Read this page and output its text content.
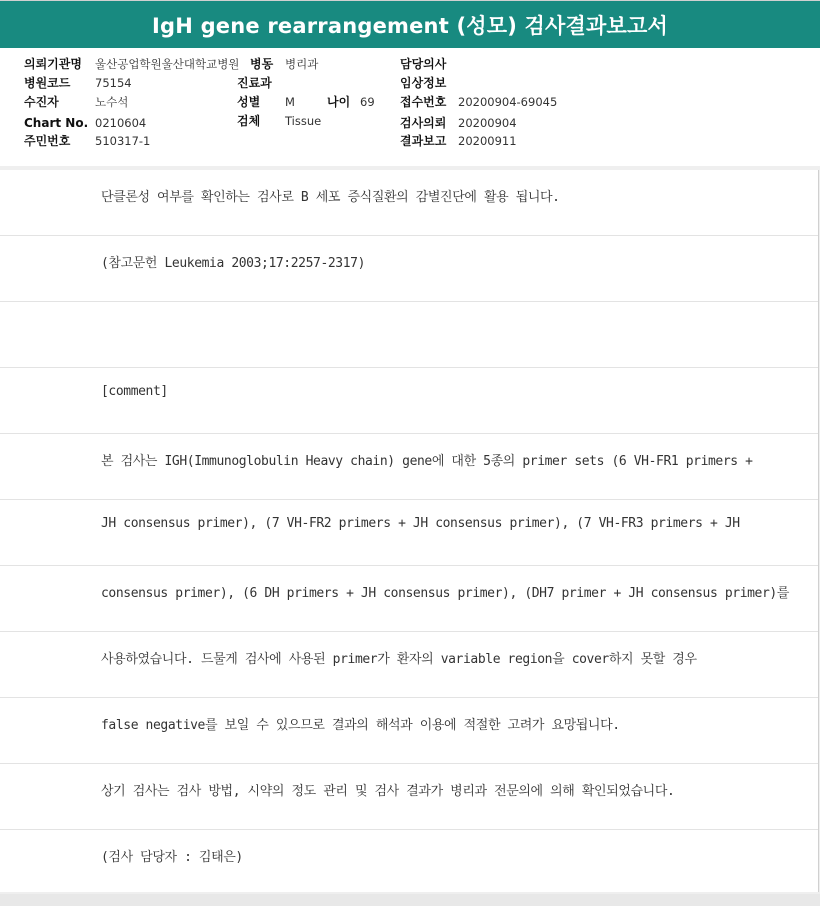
IgH gene rearrangement (성모) 검사결과보고서
의뢰기관명 울산공업학원울산대학교병원 병동 병리과	담당의사
병원코드 75154	진료과	임상정보
수진자	노수석	성별 M	나이 69 접수번호 20200904-69045
Chart No. 0210604	검체 Tissue	검사의뢰 20200904
주민번호 510317-1	결과보고 20200911
단클론성 여부를 확인하는 검사로 B 세포 증식질환의 감별진단에 활용 됩니다.
(참고문헌 Leukemia 2003;17:2257-2317)
[comment]
본 검사는 IGH(Immunoglobulin Heavy chain) gene에 대한 5종의 primer sets (6 VH-FR1 primers +
JH consensus primer), (7 VH-FR2 primers + JH consensus primer), (7 VH-FR3 primers + JH
consensus primer), (6 DH primers + JH consensus primer), (DH7 primer + JH consensus primer)를
사용하였습니다. 드물게 검사에 사용된 primer가 환자의 variable region을 cover하지 못할 경우
false negative를 보일 수 있으므로 결과의 해석과 이용에 적절한 고려가 요망됩니다.
상기 검사는 검사 방법, 시약의 정도 관리 및 검사 결과가 병리과 전문의에 의해 확인되었습니다.
(검사 담당자 : 김태은)
